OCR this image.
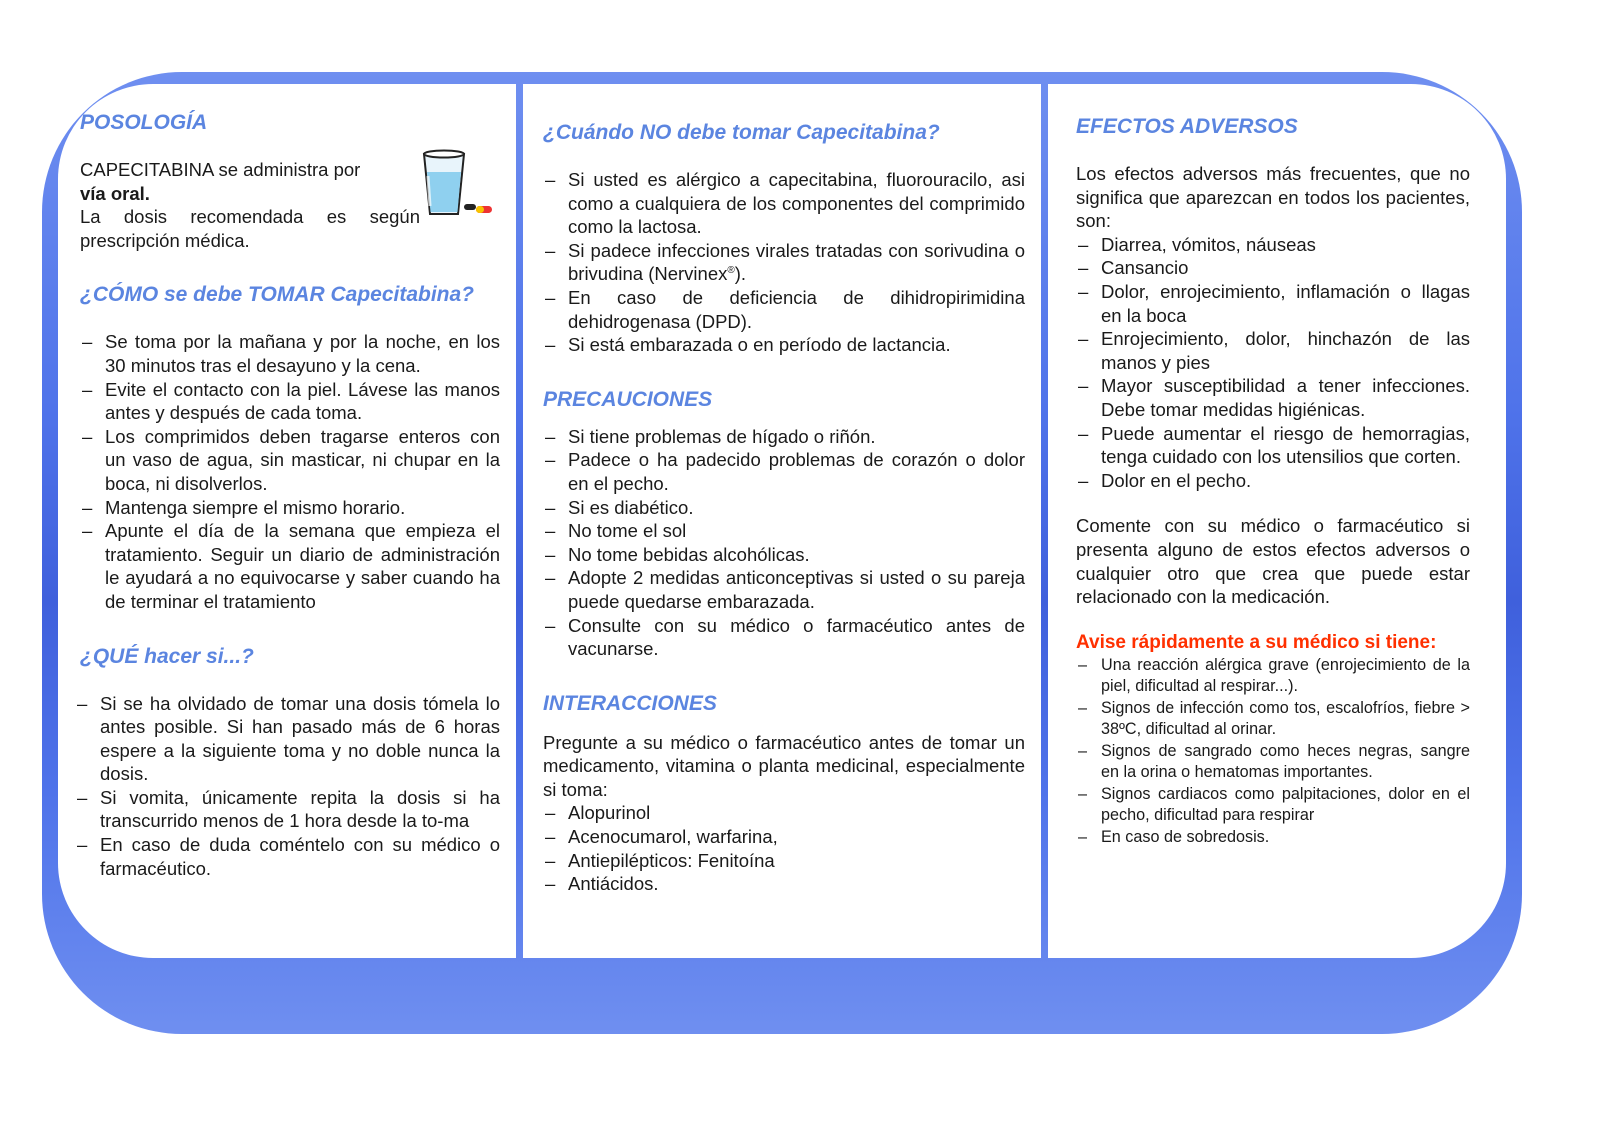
POSOLOGÍA

CAPECITABINA se administra por
vía oral.

La dosis recomendada es según prescripción médica.

¿CÓMO se debe TOMAR Capecitabina?
– Se toma por la mañana y por la noche, en los 30 minutos tras el desayuno y la cena.
– Evite el contacto con la piel. Lávese las manos antes y después de cada toma.
– Los comprimidos deben tragarse enteros con un vaso de agua, sin masticar, ni chupar en la boca, ni disolverlos.
– Mantenga siempre el mismo horario.
– Apunte el día de la semana que empieza el tratamiento. Seguir un diario de administración le ayudará a no equivocarse y saber cuando ha de terminar el tratamiento
¿QUÉ hacer si...?
– Si se ha olvidado de tomar una dosis tómela lo antes posible. Si han pasado más de 6 horas espere a la siguiente toma y no doble nunca la dosis.
– Si vomita, únicamente repita la dosis si ha transcurrido menos de 1 hora desde la to-ma
– En caso de duda coméntelo con su médico o farmacéutico.
¿Cuándo NO debe tomar Capecitabina?
– Si usted es alérgico a capecitabina, fluorouracilo, asi como a cualquiera de los componentes del comprimido como la lactosa.
– Si padece infecciones virales tratadas con sorivudina o brivudina (Nervinex®).
– En caso de deficiencia de dihidropirimidina dehidrogenasa (DPD).
– Si está embarazada o en período de lactancia.
PRECAUCIONES
– Si tiene problemas de hígado o riñón.
– Padece o ha padecido problemas de corazón o dolor en el pecho.
– Si es diabético.
– No tome el sol
– No tome bebidas alcohólicas.
– Adopte 2 medidas anticonceptivas si usted o su pareja puede quedarse embarazada.
– Consulte con su médico o farmacéutico antes de vacunarse.
INTERACCIONES

Pregunte a su médico o farmacéutico antes de tomar un medicamento, vitamina o planta medicinal, especialmente si toma:

– Alopurinol
– Acenocumarol, warfarina,
– Antiepilépticos: Fenitoína
– Antiácidos.
EFECTOS ADVERSOS

Los efectos adversos más frecuentes, que no significa que aparezcan en todos los pacientes, son:

– Diarrea, vómitos, náuseas
– Cansancio
– Dolor, enrojecimiento, inflamación o llagas en la boca
– Enrojecimiento, dolor, hinchazón de las manos y pies
– Mayor susceptibilidad a tener infecciones. Debe tomar medidas higiénicas.
– Puede aumentar el riesgo de hemorragias, tenga cuidado con los utensilios que corten.
– Dolor en el pecho.

Comente con su médico o farmacéutico si presenta alguno de estos efectos adversos o cualquier otro que crea que puede estar relacionado con la medicación.

Avise rápidamente a su médico si tiene:

– Una reacción alérgica grave (enrojecimiento de la piel, dificultad al respirar...).
– Signos de infección como tos, escalofríos, fiebre > 38ºC, dificultad al orinar.
– Signos de sangrado como heces negras, sangre en la orina o hematomas importantes.
– Signos cardiacos como palpitaciones, dolor en el pecho, dificultad para respirar
– En caso de sobredosis.
